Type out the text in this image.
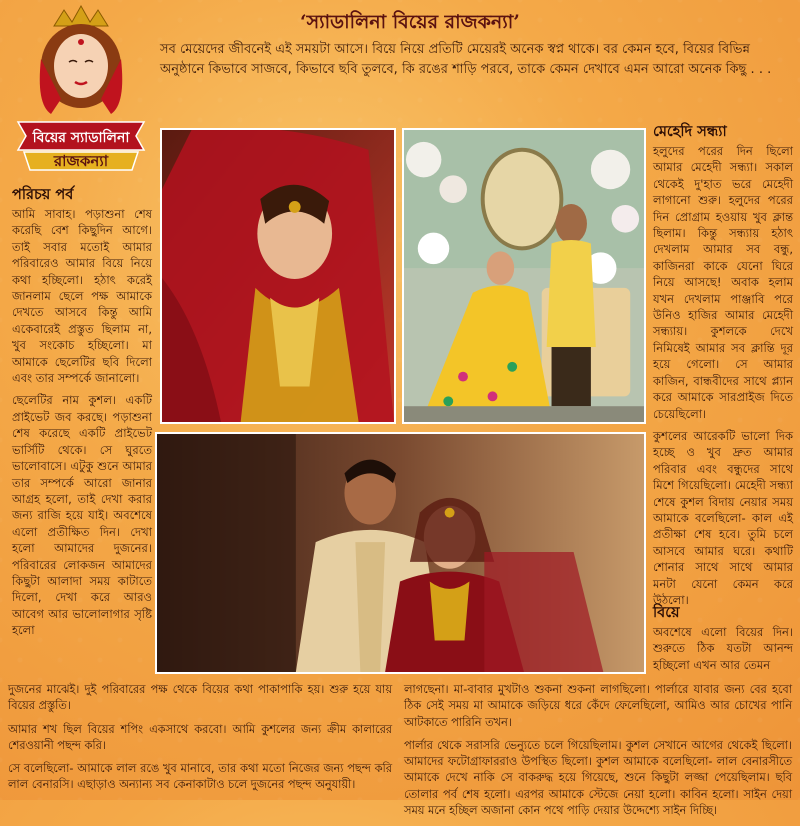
বিয়ের স্যাডালিনা
রাজকন্যা
‘স্যাডালিনা বিয়ের রাজকন্যা’
সব মেয়েদের জীবনেই এই সময়টা আসে। বিয়ে নিয়ে প্রতিটি মেয়েরই অনেক স্বপ্ন থাকে। বর কেমন হবে, বিয়ের বিভিন্ন অনুষ্ঠানে কিভাবে সাজবে, কিভাবে ছবি তুলবে, কি রঙের শাড়ি পরবে, তাকে কেমন দেখাবে এমন আরো অনেক কিছু . . .
পরিচয় পর্ব

আমি সাবাহ। পড়াশুনা শেষ করেছি বেশ কিছুদিন আগে। তাই সবার মতোই আমার পরিবারেও আমার বিয়ে নিয়ে কথা হচ্ছিলো। হঠাৎ করেই জানলাম ছেলে পক্ষ আমাকে দেখতে আসবে কিন্তু আমি একেবারেই প্রস্তুত ছিলাম না, খুব সংকোচ হচ্ছিলো। মা আমাকে ছেলেটির ছবি দিলো এবং তার সম্পর্কে জানালো।

ছেলেটির নাম কুশল। একটি প্রাইভেট জব করছে। পড়াশুনা শেষ করেছে একটি প্রাইভেট ভার্সিটি থেকে। সে ঘুরতে ভালোবাসে। এটুকু শুনে আমার তার সম্পর্কে আরো জানার আগ্রহ হলো, তাই দেখা করার জন্য রাজি হয়ে যাই। অবশেষে এলো প্রতীক্ষিত দিন। দেখা হলো আমাদের দুজনের। পরিবারের লোকজন আমাদের কিছুটা আলাদা সময় কাটাতে দিলো, দেখা করে আরও আবেগ আর ভালোলাগার সৃষ্টি হলো

মেহেদি সন্ধ্যা

হলুদের পরের দিন ছিলো আমার মেহেদী সন্ধ্যা। সকাল থেকেই দু'হাত ভরে মেহেদী লাগানো শুরু। হলুদের পরের দিন প্রোগ্রাম হওয়ায় খুব ক্লান্ত ছিলাম। কিন্তু সন্ধ্যায় হঠাৎ দেখলাম আমার সব বন্ধু, কাজিনরা কাকে যেনো ঘিরে নিয়ে আসছে! অবাক হলাম যখন দেখলাম পাঞ্জাবি পরে উনিও হাজির আমার মেহেদী সন্ধ্যায়। কুশলকে দেখে নিমিষেই আমার সব ক্লান্তি দূর হয়ে গেলো। সে আমার কাজিন, বান্ধবীদের সাথে প্ল্যান করে আমাকে সারপ্রাইজ দিতে চেয়েছিলো।

কুশলের আরেকটি ভালো দিক হচ্ছে ও খুব দ্রুত আমার পরিবার এবং বন্ধুদের সাথে মিশে গিয়েছিলো। মেহেদী সন্ধ্যা শেষে কুশল বিদায় নেয়ার সময় আমাকে বলেছিলো- কাল এই প্রতীক্ষা শেষ হবে। তুমি চলে আসবে আমার ঘরে। কথাটি শোনার সাথে সাথে আমার মনটা যেনো কেমন করে উঠলো।

বিয়ে

অবশেষে এলো বিয়ের দিন। শুরুতে ঠিক যতটা আনন্দ হচ্ছিলো এখন আর তেমন

দুজনের মাঝেই। দুই পরিবারের পক্ষ থেকে বিয়ের কথা পাকাপাকি হয়। শুরু হয়ে যায় বিয়ের প্রস্তুতি।

আমার শখ ছিল বিয়ের শপিং একসাথে করবো। আমি কুশলের জন্য ক্রীম কালারের শেরওয়ানী পছন্দ করি।

সে বলেছিলো- আমাকে লাল রঙে খুব মানাবে, তার কথা মতো নিজের জন্য পছন্দ করি লাল বেনারসি। এছাড়াও অন্যান্য সব কেনাকাটাও চলে দুজনের পছন্দ অনুযায়ী।

লাগছেনা। মা-বাবার মুখটাও শুকনা শুকনা লাগছিলো। পার্লারে যাবার জন্য বের হবো ঠিক সেই সময় মা আমাকে জড়িয়ে ধরে কেঁদে ফেলেছিলো, আমিও আর চোখের পানি আটকাতে পারিনি তখন।

পার্লার থেকে সরাসরি ভেন্যুতে চলে গিয়েছিলাম। কুশল সেখানে আগের থেকেই ছিলো। আমাদের ফটোগ্রাফাররাও উপস্থিত ছিলো। কুশল আমাকে বলেছিলো- লাল বেনারসীতে আমাকে দেখে নাকি সে বাকরুদ্ধ হয়ে গিয়েছে, শুনে কিছুটা লজ্জা পেয়েছিলাম। ছবি তোলার পর্ব শেষ হলো। এরপর আমাকে স্টেজে নেয়া হলো। কাবিন হলো। সাইন দেয়া সময় মনে হচ্ছিল অজানা কোন পথে পাড়ি দেয়ার উদ্দেশ্যে সাইন দিচ্ছি।
